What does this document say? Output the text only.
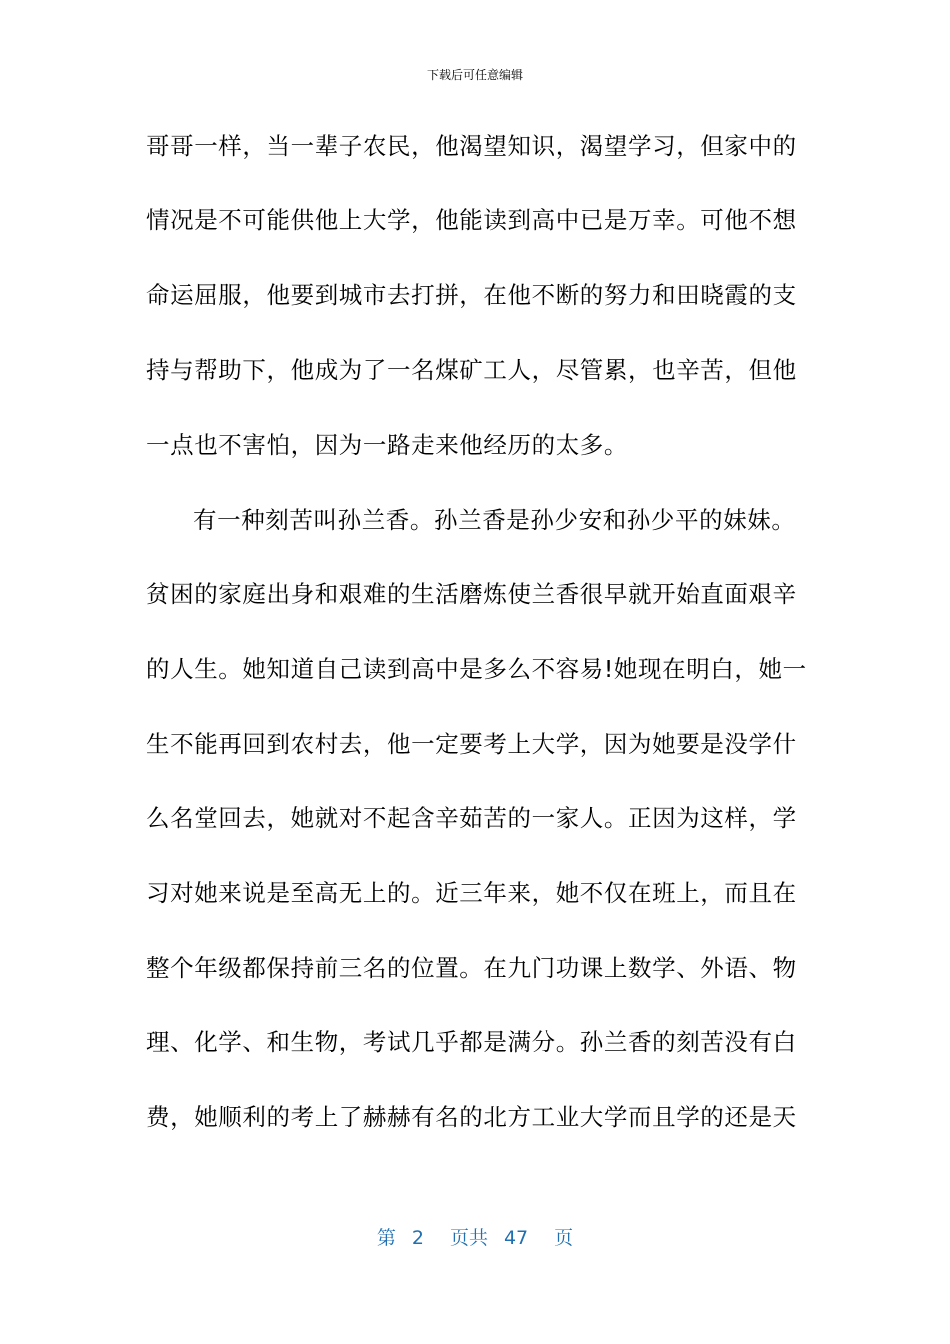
下载后可任意编辑
哥哥一样，当一辈子农民，他渴望知识，渴望学习，但家中的
情况是不可能供他上大学，他能读到高中已是万幸。可他不想
命运屈服，他要到城市去打拼，在他不断的努力和田晓霞的支
持与帮助下，他成为了一名煤矿工人，尽管累，也辛苦，但他
一点也不害怕，因为一路走来他经历的太多。
有一种刻苦叫孙兰香。孙兰香是孙少安和孙少平的妹妹。
贫困的家庭出身和艰难的生活磨炼使兰香很早就开始直面艰辛
的人生。她知道自己读到高中是多么不容易!她现在明白，她一
生不能再回到农村去，他一定要考上大学，因为她要是没学什
么名堂回去，她就对不起含辛茹苦的一家人。正因为这样，学
习对她来说是至高无上的。近三年来，她不仅在班上，而且在
整个年级都保持前三名的位置。在九门功课上数学、外语、物
理、化学、和生物，考试几乎都是满分。孙兰香的刻苦没有白
费，她顺利的考上了赫赫有名的北方工业大学而且学的还是天
第 2 页共 47 页
